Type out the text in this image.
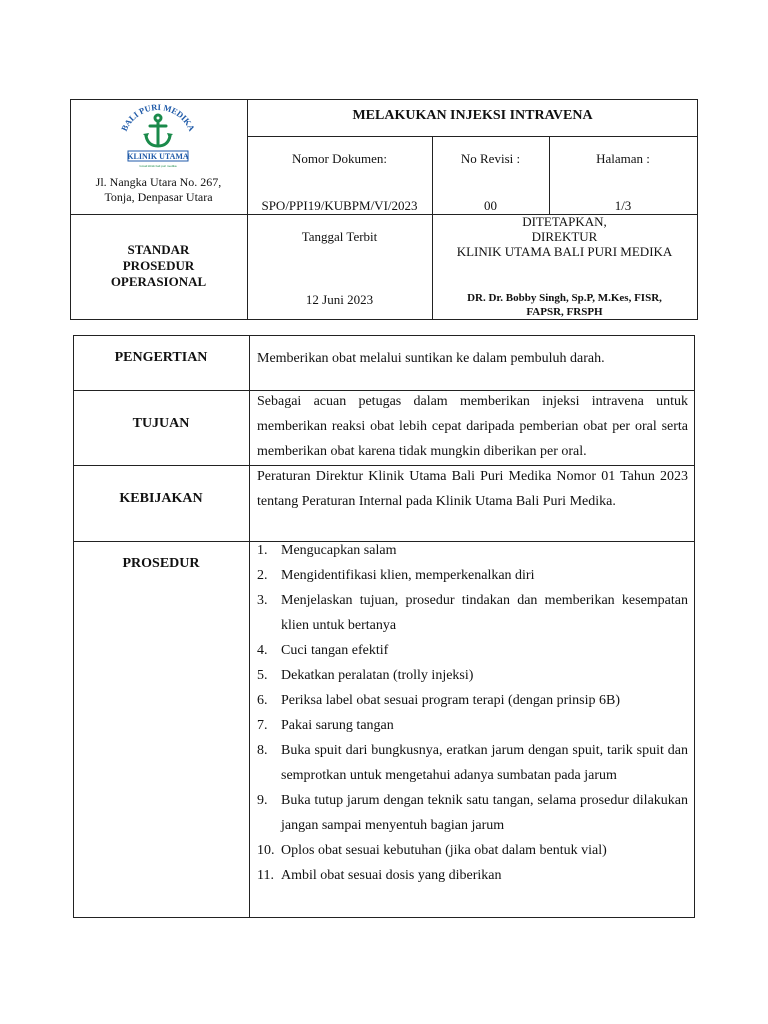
BALI PURI MEDIKA
KLINIK UTAMA
Gmail klinik bali puri medika
Jl. Nangka Utara No. 267,
Tonja, Denpasar Utara
MELAKUKAN INJEKSI INTRAVENA
Nomor Dokumen:
SPO/PPI19/KUBPM/VI/2023
No Revisi :
00
Halaman :
1/3
STANDAR
PROSEDUR
OPERASIONAL
Tanggal Terbit
12 Juni 2023
DITETAPKAN,
DIREKTUR
KLINIK UTAMA BALI PURI MEDIKA
DR. Dr. Bobby Singh, Sp.P, M.Kes, FISR,
FAPSR, FRSPH
PENGERTIAN	Memberikan obat melalui suntikan ke dalam pembuluh darah.
TUJUAN
Sebagai acuan petugas dalam memberikan injeksi intravena untuk memberikan reaksi obat lebih cepat daripada pemberian obat per oral serta memberikan obat karena tidak mungkin diberikan per oral.
KEBIJAKAN
Peraturan Direktur Klinik Utama Bali Puri Medika Nomor 01 Tahun 2023 tentang Peraturan Internal pada Klinik Utama Bali Puri Medika.
PROSEDUR
1. Mengucapkan salam
2. Mengidentifikasi klien, memperkenalkan diri
3. Menjelaskan tujuan, prosedur tindakan dan memberikan kesempatan klien untuk bertanya
4. Cuci tangan efektif
5. Dekatkan peralatan (trolly injeksi)
6. Periksa label obat sesuai program terapi (dengan prinsip 6B)
7. Pakai sarung tangan
8. Buka spuit dari bungkusnya, eratkan jarum dengan spuit, tarik spuit dan semprotkan untuk mengetahui adanya sumbatan pada jarum
9. Buka tutup jarum dengan teknik satu tangan, selama prosedur dilakukan jangan sampai menyentuh bagian jarum
10. Oplos obat sesuai kebutuhan (jika obat dalam bentuk vial)
11. Ambil obat sesuai dosis yang diberikan
